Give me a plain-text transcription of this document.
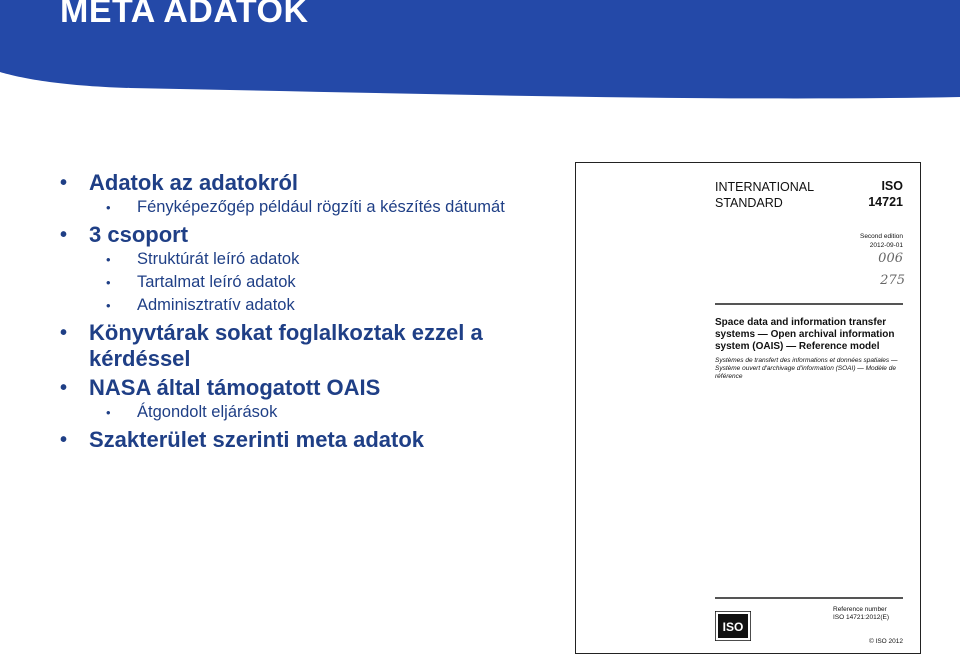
META ADATOK
• Adatok az adatokról
• Fényképezőgép például rögzíti a készítés dátumát
• 3 csoport
• Struktúrát leíró adatok
• Tartalmat leíró adatok
• Adminisztratív adatok
• Könyvtárak sokat foglalkoztak ezzel a kérdéssel
• NASA által támogatott OAIS
• Átgondolt eljárások
• Szakterület szerinti meta adatok
INTERNATIONAL
STANDARD
ISO
14721
Second edition
2012-09-01
006
275
Space data and information transfer systems — Open archival information system (OAIS) — Reference model
Systèmes de transfert des informations et données spatiales — Système ouvert d'archivage d'information (SOAI) — Modèle de référence
ISO
Reference number
ISO 14721:2012(E)
© ISO 2012
